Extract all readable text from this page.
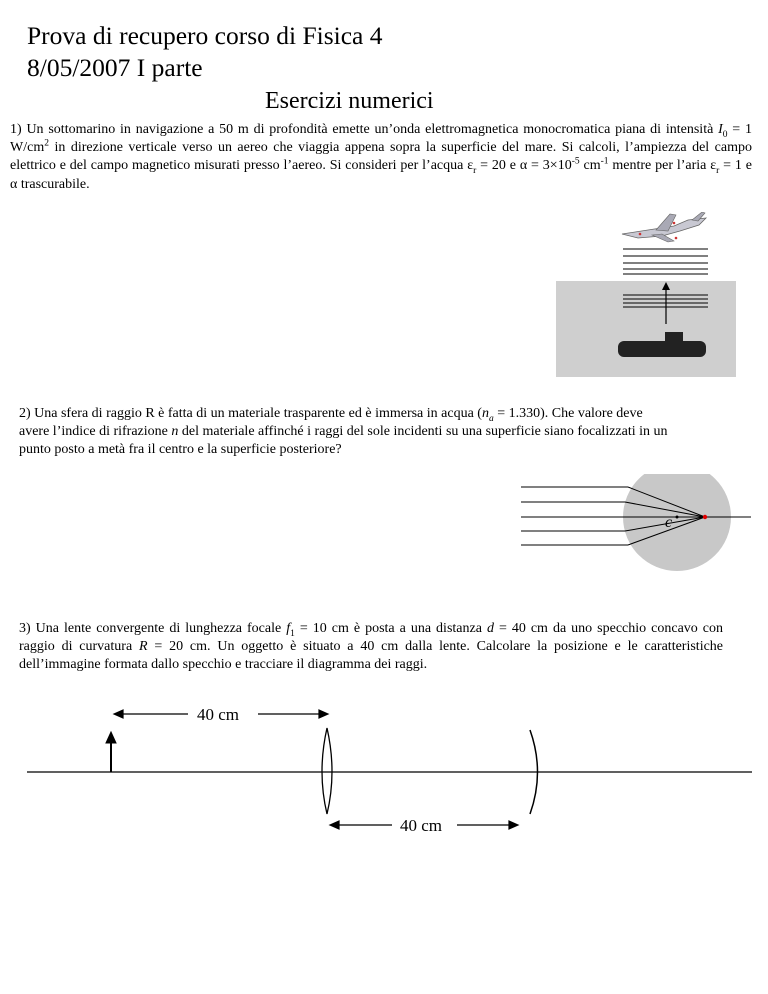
Prova di recupero corso di Fisica 4
8/05/2007 I parte
Esercizi numerici
1) Un sottomarino in navigazione a 50 m di profondità emette un’onda elettromagnetica monocromatica piana di intensità $I_0 = 1$ $W/cm^2$ in direzione verticale verso un aereo che viaggia appena sopra la superficie del mare. Si calcoli, l’ampiezza del campo elettrico e del campo magnetico misurati presso l’aereo. Si consideri per l’acqua $\varepsilon_r = 20$ e $\alpha = 3\times 10^{-5}$ $cm^{-1}$ mentre per l’aria $\varepsilon_r = 1$ e α trascurabile.
2) Una sfera di raggio R è fatta di un materiale trasparente ed è immersa in acqua $(n_a = 1.330)$. Che valore deve avere l’indice di rifrazione n del materiale affinché i raggi del sole incidenti su una superficie siano focalizzati in un punto posto a metà fra il centro e la superficie posteriore?
c
3) Una lente convergente di lunghezza focale $f_1 = 10$ cm è posta a una distanza d = 40 cm da uno specchio concavo con raggio di curvatura R = 20 cm. Un oggetto è situato a 40 cm dalla lente. Calcolare la posizione e le caratteristiche dell’immagine formata dallo specchio e tracciare il diagramma dei raggi.
40 cm
40 cm
